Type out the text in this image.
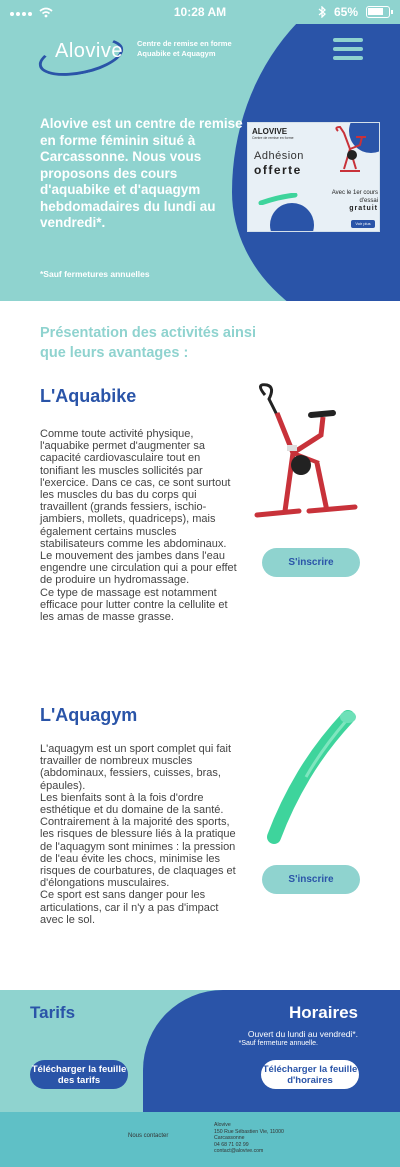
10:28 AM	65%
Alovive Centre de remise en forme Aquabike et Aquagym
Alovive est un centre de remise en forme féminin situé à Carcassonne. Nous vous proposons des cours d'aquabike et d'aquagym hebdomadaires du lundi au vendredi*.
*Sauf fermetures annuelles
ALOVIVE
Centre de remise en forme
Adhésion
offerte
Avec le 1er cours d'essai
gratuit
Voir plus
Présentation des activités ainsi que leurs avantages :
L'Aquabike

Comme toute activité physique, l'aquabike permet d'augmenter sa capacité cardiovasculaire tout en tonifiant les muscles sollicités par l'exercice. Dans ce cas, ce sont surtout les muscles du bas du corps qui travaillent (grands fessiers, ischio-jambiers, mollets, quadriceps), mais également certains muscles stabilisateurs comme les abdominaux.

Le mouvement des jambes dans l'eau engendre une circulation qui a pour effet de produire un hydromassage.

Ce type de massage est notamment efficace pour lutter contre la cellulite et les amas de masse grasse.

S'inscrire
L'Aquagym

L'aquagym est un sport complet qui fait travailler de nombreux muscles (abdominaux, fessiers, cuisses, bras, épaules).

Les bienfaits sont à la fois d'ordre esthétique et du domaine de la santé.

Contrairement à la majorité des sports, les risques de blessure liés à la pratique de l'aquagym sont minimes : la pression de l'eau évite les chocs, minimise les risques de courbatures, de claquages et d'élongations musculaires.

Ce sport est sans danger pour les articulations, car il n'y a pas d'impact avec le sol.

S'inscrire
Tarifs	Horaires
Ouvert du lundi au vendredi*.
*Sauf fermeture annuelle.
Télécharger la feuille des tarifs
Télécharger la feuille d'horaires
Nous contacter
Alovive
150 Rue Sébastien Vie, 11000
Carcassonne
04 68 71 02 99
contact@alovive.com
